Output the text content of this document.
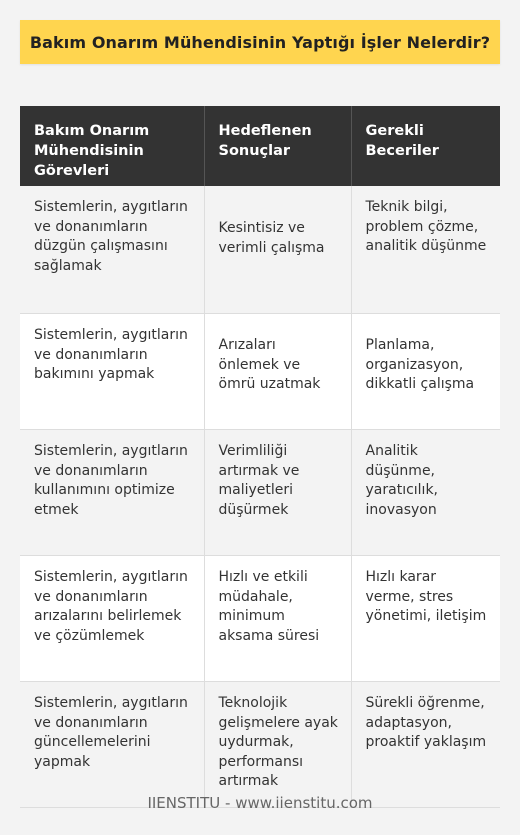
Bakım Onarım Mühendisinin Yaptığı İşler Nelerdir?
Bakım Onarım Mühendisinin Görevleri	Hedeflenen Sonuçlar	Gerekli Beceriler
Sistemlerin, aygıtların ve donanımların düzgün çalışmasını sağlamak	Kesintisiz ve verimli çalışma	Teknik bilgi, problem çözme, analitik düşünme
Sistemlerin, aygıtların ve donanımların bakımını yapmak	Arızaları önlemek ve ömrü uzatmak	Planlama, organizasyon, dikkatli çalışma
Sistemlerin, aygıtların ve donanımların kullanımını optimize etmek	Verimliliği artırmak ve maliyetleri düşürmek	Analitik düşünme, yaratıcılık, inovasyon
Sistemlerin, aygıtların ve donanımların arızalarını belirlemek ve çözümlemek	Hızlı ve etkili müdahale, minimum aksama süresi	Hızlı karar verme, stres yönetimi, iletişim
Sistemlerin, aygıtların ve donanımların güncellemelerini yapmak	Teknolojik gelişmelere ayak uydurmak, performansı artırmak	Sürekli öğrenme, adaptasyon, proaktif yaklaşım
IIENSTITU - www.iienstitu.com
